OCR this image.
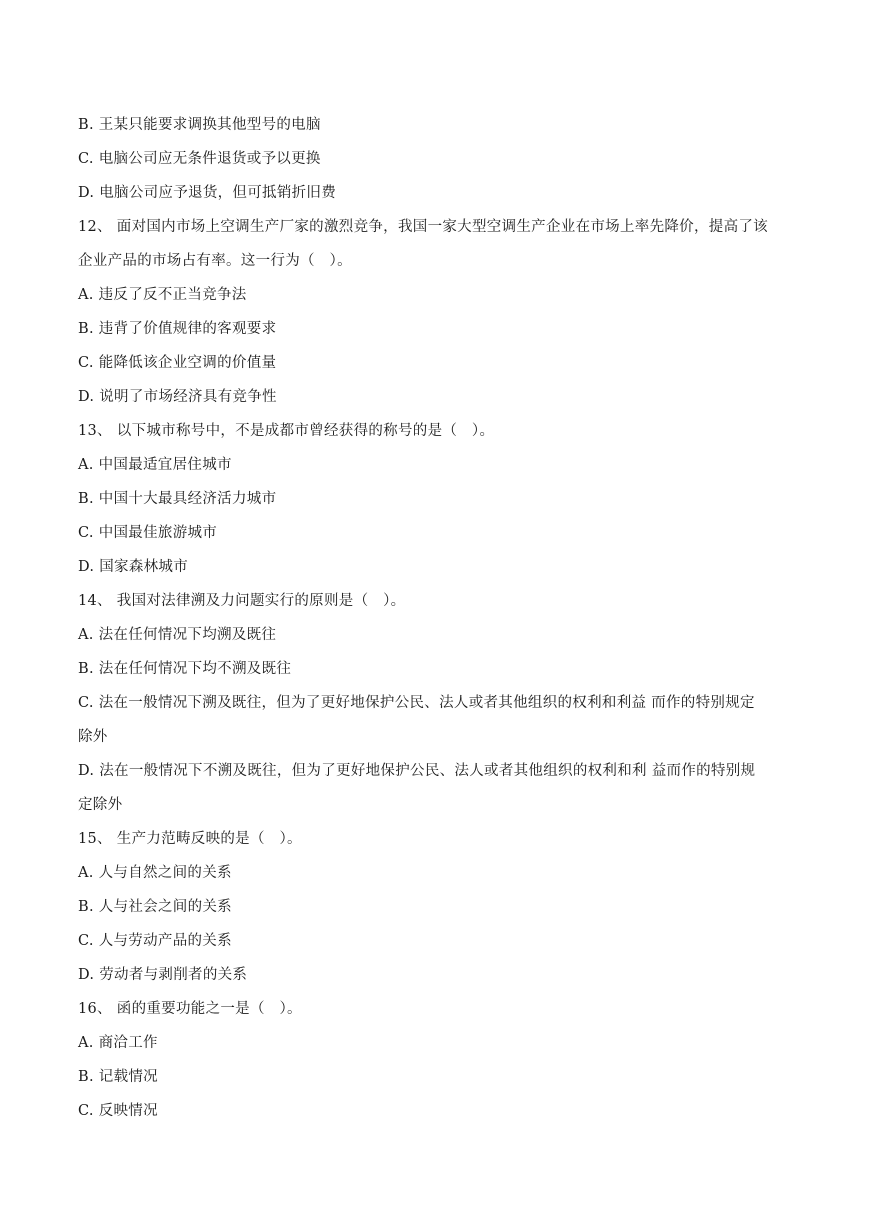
B. 王某只能要求调换其他型号的电脑

C. 电脑公司应无条件退货或予以更换

D. 电脑公司应予退货，但可抵销折旧费

12、 面对国内市场上空调生产厂家的激烈竞争，我国一家大型空调生产企业在市场上率先降价，提高了该

企业产品的市场占有率。这一行为（   ）。

A. 违反了反不正当竞争法

B. 违背了价值规律的客观要求

C. 能降低该企业空调的价值量

D. 说明了市场经济具有竞争性

13、 以下城市称号中，不是成都市曾经获得的称号的是（   ）。

A. 中国最适宜居住城市

B. 中国十大最具经济活力城市

C. 中国最佳旅游城市

D. 国家森林城市

14、 我国对法律溯及力问题实行的原则是（   ）。

A. 法在任何情况下均溯及既往

B. 法在任何情况下均不溯及既往

C. 法在一般情况下溯及既往，但为了更好地保护公民、法人或者其他组织的权利和利益 而作的特别规定

除外

D. 法在一般情况下不溯及既往，但为了更好地保护公民、法人或者其他组织的权利和利 益而作的特别规

定除外

15、 生产力范畴反映的是（   ）。

A. 人与自然之间的关系

B. 人与社会之间的关系

C. 人与劳动产品的关系

D. 劳动者与剥削者的关系

16、 函的重要功能之一是（   ）。

A. 商洽工作

B. 记载情况

C. 反映情况
